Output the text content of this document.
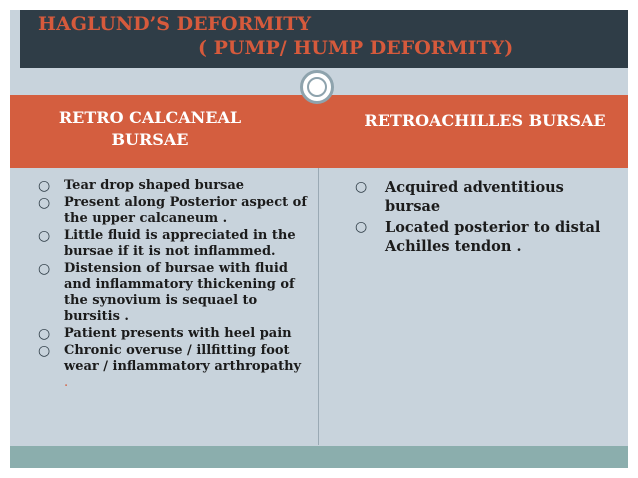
HAGLUND’S DEFORMITY
( PUMP/ HUMP DEFORMITY)
RETRO CALCANEAL
BURSAE
RETROACHILLES BURSAE
○
Tear drop shaped bursae
○
Present along Posterior aspect of the upper calcaneum .
○
Little fluid is appreciated in the bursae if it is not inflammed.
○
Distension of bursae with fluid and inflammatory thickening of the synovium is sequael to bursitis .
○
Patient presents with heel pain
○
Chronic overuse / illfitting foot wear / inflammatory arthropathy .
○
Acquired adventitious bursae
○
Located posterior to distal Achilles tendon .
